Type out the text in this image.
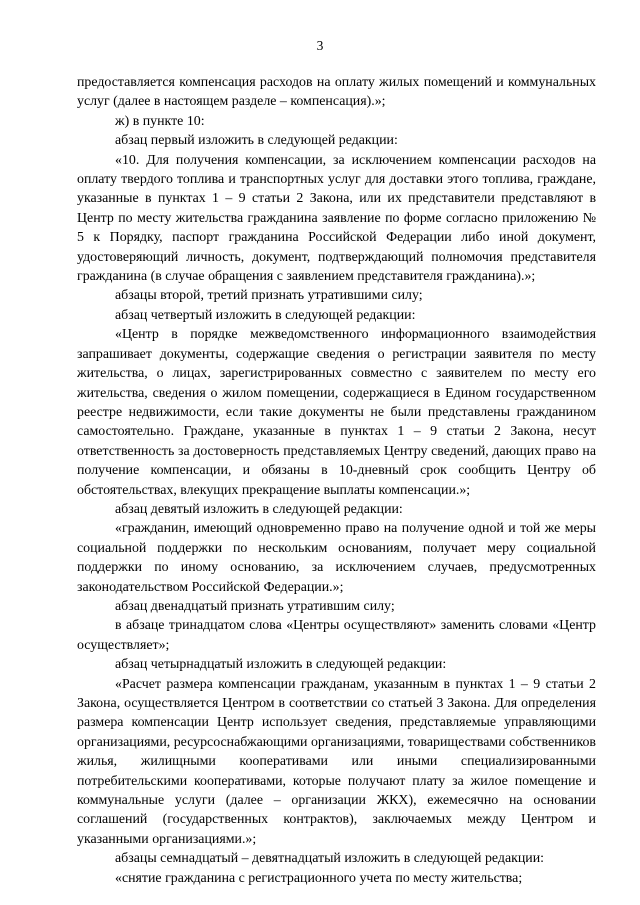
3

предоставляется компенсация расходов на оплату жилых помещений и коммунальных услуг (далее в настоящем разделе – компенсация).»;

ж) в пункте 10:

абзац первый изложить в следующей редакции:

«10. Для получения компенсации, за исключением компенсации расходов на оплату твердого топлива и транспортных услуг для доставки этого топлива, граждане, указанные в пунктах 1 – 9 статьи 2 Закона, или их представители представляют в Центр по месту жительства гражданина заявление по форме согласно приложению № 5 к Порядку, паспорт гражданина Российской Федерации либо иной документ, удостоверяющий личность, документ, подтверждающий полномочия представителя гражданина (в случае обращения с заявлением представителя гражданина).»;

абзацы второй, третий признать утратившими силу;

абзац четвертый изложить в следующей редакции:

«Центр в порядке межведомственного информационного взаимодействия запрашивает документы, содержащие сведения о регистрации заявителя по месту жительства, о лицах, зарегистрированных совместно с заявителем по месту его жительства, сведения о жилом помещении, содержащиеся в Едином государственном реестре недвижимости, если такие документы не были представлены гражданином самостоятельно. Граждане, указанные в пунктах 1 – 9 статьи 2 Закона, несут ответственность за достоверность представляемых Центру сведений, дающих право на получение компенсации, и обязаны в 10-дневный срок сообщить Центру об обстоятельствах, влекущих прекращение выплаты компенсации.»;

абзац девятый изложить в следующей редакции:

«гражданин, имеющий одновременно право на получение одной и той же меры социальной поддержки по нескольким основаниям, получает меру социальной поддержки по иному основанию, за исключением случаев, предусмотренных законодательством Российской Федерации.»;

абзац двенадцатый признать утратившим силу;

в абзаце тринадцатом слова «Центры осуществляют» заменить словами «Центр осуществляет»;

абзац четырнадцатый изложить в следующей редакции:

«Расчет размера компенсации гражданам, указанным в пунктах 1 – 9 статьи 2 Закона, осуществляется Центром в соответствии со статьей 3 Закона. Для определения размера компенсации Центр использует сведения, представляемые управляющими организациями, ресурсоснабжающими организациями, товариществами собственников жилья, жилищными кооперативами или иными специализированными потребительскими кооперативами, которые получают плату за жилое помещение и коммунальные услуги (далее – организации ЖКХ), ежемесячно на основании соглашений (государственных контрактов), заключаемых между Центром и указанными организациями.»;

абзацы семнадцатый – девятнадцатый изложить в следующей редакции:

«снятие гражданина с регистрационного учета по месту жительства;
